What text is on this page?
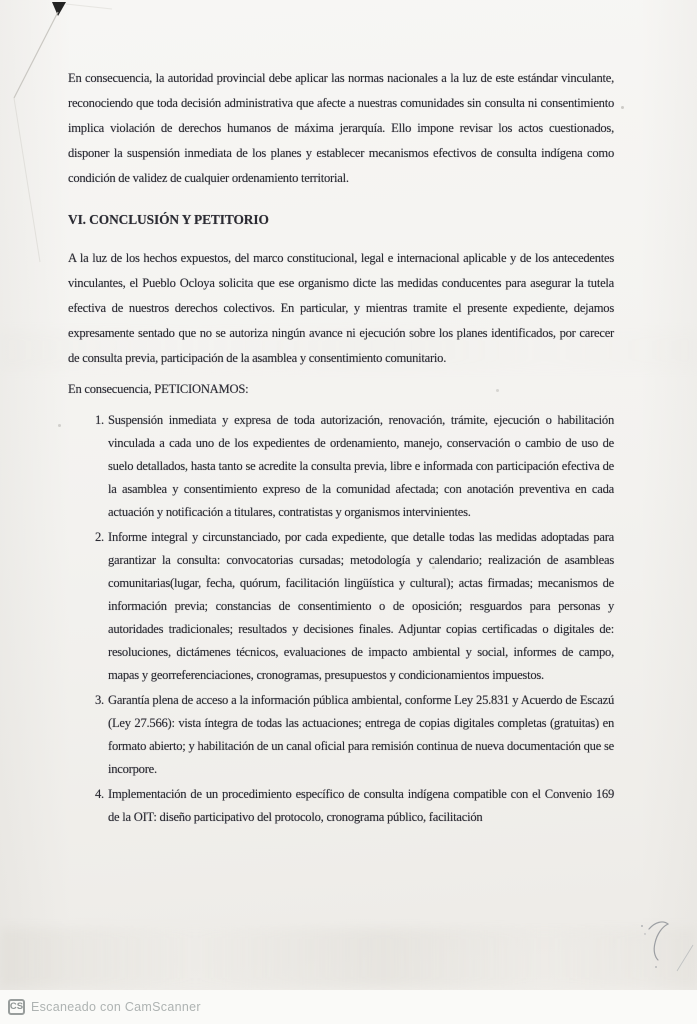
En consecuencia, la autoridad provincial debe aplicar las normas nacionales a la luz de este estándar vinculante, reconociendo que toda decisión administrativa que afecte a nuestras comunidades sin consulta ni consentimiento implica violación de derechos humanos de máxima jerarquía. Ello impone revisar los actos cuestionados, disponer la suspensión inmediata de los planes y establecer mecanismos efectivos de consulta indígena como condición de validez de cualquier ordenamiento territorial.

VI. CONCLUSIÓN Y PETITORIO

A la luz de los hechos expuestos, del marco constitucional, legal e internacional aplicable y de los antecedentes vinculantes, el Pueblo Ocloya solicita que ese organismo dicte las medidas conducentes para asegurar la tutela efectiva de nuestros derechos colectivos. En particular, y mientras tramite el presente expediente, dejamos expresamente sentado que no se autoriza ningún avance ni ejecución sobre los planes identificados, por carecer de consulta previa, participación de la asamblea y consentimiento comunitario.

En consecuencia, PETICIONAMOS:

1. Suspensión inmediata y expresa de toda autorización, renovación, trámite, ejecución o habilitación vinculada a cada uno de los expedientes de ordenamiento, manejo, conservación o cambio de uso de suelo detallados, hasta tanto se acredite la consulta previa, libre e informada con participación efectiva de la asamblea y consentimiento expreso de la comunidad afectada; con anotación preventiva en cada actuación y notificación a titulares, contratistas y organismos intervinientes.
2. Informe integral y circunstanciado, por cada expediente, que detalle todas las medidas adoptadas para garantizar la consulta: convocatorias cursadas; metodología y calendario; realización de asambleas comunitarias(lugar, fecha, quórum, facilitación lingüística y cultural); actas firmadas; mecanismos de información previa; constancias de consentimiento o de oposición; resguardos para personas y autoridades tradicionales; resultados y decisiones finales. Adjuntar copias certificadas o digitales de: resoluciones, dictámenes técnicos, evaluaciones de impacto ambiental y social, informes de campo, mapas y georreferenciaciones, cronogramas, presupuestos y condicionamientos impuestos.
3. Garantía plena de acceso a la información pública ambiental, conforme Ley 25.831 y Acuerdo de Escazú (Ley 27.566): vista íntegra de todas las actuaciones; entrega de copias digitales completas (gratuitas) en formato abierto; y habilitación de un canal oficial para remisión continua de nueva documentación que se incorpore.
4. Implementación de un procedimiento específico de consulta indígena compatible con el Convenio 169 de la OIT: diseño participativo del protocolo, cronograma público, facilitación
CS Escaneado con CamScanner
